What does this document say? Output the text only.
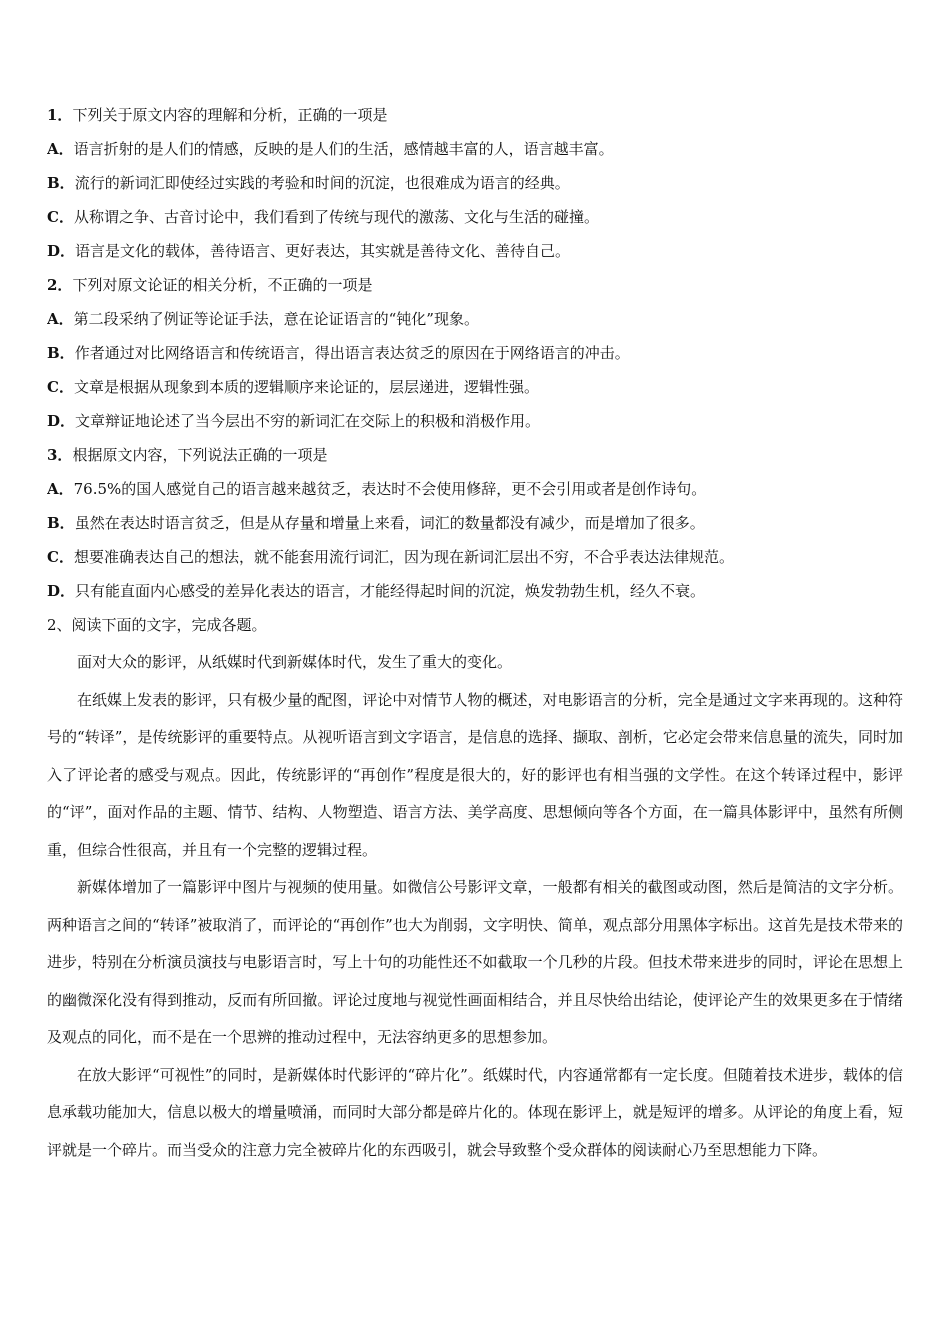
1．下列关于原文内容的理解和分析，正确的一项是
A．语言折射的是人们的情感，反映的是人们的生活，感情越丰富的人，语言越丰富。
B．流行的新词汇即使经过实践的考验和时间的沉淀，也很难成为语言的经典。
C．从称谓之争、古音讨论中，我们看到了传统与现代的激荡、文化与生活的碰撞。
D．语言是文化的载体，善待语言、更好表达，其实就是善待文化、善待自己。
2．下列对原文论证的相关分析，不正确的一项是
A．第二段采纳了例证等论证手法，意在论证语言的“钝化”现象。
B．作者通过对比网络语言和传统语言，得出语言表达贫乏的原因在于网络语言的冲击。
C．文章是根据从现象到本质的逻辑顺序来论证的，层层递进，逻辑性强。
D．文章辩证地论述了当今层出不穷的新词汇在交际上的积极和消极作用。
3．根据原文内容，下列说法正确的一项是
A．76.5%的国人感觉自己的语言越来越贫乏，表达时不会使用修辞，更不会引用或者是创作诗句。
B．虽然在表达时语言贫乏，但是从存量和增量上来看，词汇的数量都没有减少，而是增加了很多。
C．想要准确表达自己的想法，就不能套用流行词汇，因为现在新词汇层出不穷，不合乎表达法律规范。
D．只有能直面内心感受的差异化表达的语言，才能经得起时间的沉淀，焕发勃勃生机，经久不衰。
2、阅读下面的文字，完成各题。

面对大众的影评，从纸媒时代到新媒体时代，发生了重大的变化。

在纸媒上发表的影评，只有极少量的配图，评论中对情节人物的概述，对电影语言的分析，完全是通过文字来再现的。这种符号的“转译”，是传统影评的重要特点。从视听语言到文字语言，是信息的选择、撷取、剖析，它必定会带来信息量的流失，同时加入了评论者的感受与观点。因此，传统影评的“再创作”程度是很大的，好的影评也有相当强的文学性。在这个转译过程中，影评的“评”，面对作品的主题、情节、结构、人物塑造、语言方法、美学高度、思想倾向等各个方面，在一篇具体影评中，虽然有所侧重，但综合性很高，并且有一个完整的逻辑过程。

新媒体增加了一篇影评中图片与视频的使用量。如微信公号影评文章，一般都有相关的截图或动图，然后是简洁的文字分析。两种语言之间的“转译”被取消了，而评论的“再创作”也大为削弱，文字明快、简单，观点部分用黑体字标出。这首先是技术带来的进步，特别在分析演员演技与电影语言时，写上十句的功能性还不如截取一个几秒的片段。但技术带来进步的同时，评论在思想上的幽微深化没有得到推动，反而有所回撤。评论过度地与视觉性画面相结合，并且尽快给出结论，使评论产生的效果更多在于情绪及观点的同化，而不是在一个思辨的推动过程中，无法容纳更多的思想参加。

在放大影评“可视性”的同时，是新媒体时代影评的“碎片化”。纸媒时代，内容通常都有一定长度。但随着技术进步，载体的信息承载功能加大，信息以极大的增量喷涌，而同时大部分都是碎片化的。体现在影评上，就是短评的增多。从评论的角度上看，短评就是一个碎片。而当受众的注意力完全被碎片化的东西吸引，就会导致整个受众群体的阅读耐心乃至思想能力下降。
